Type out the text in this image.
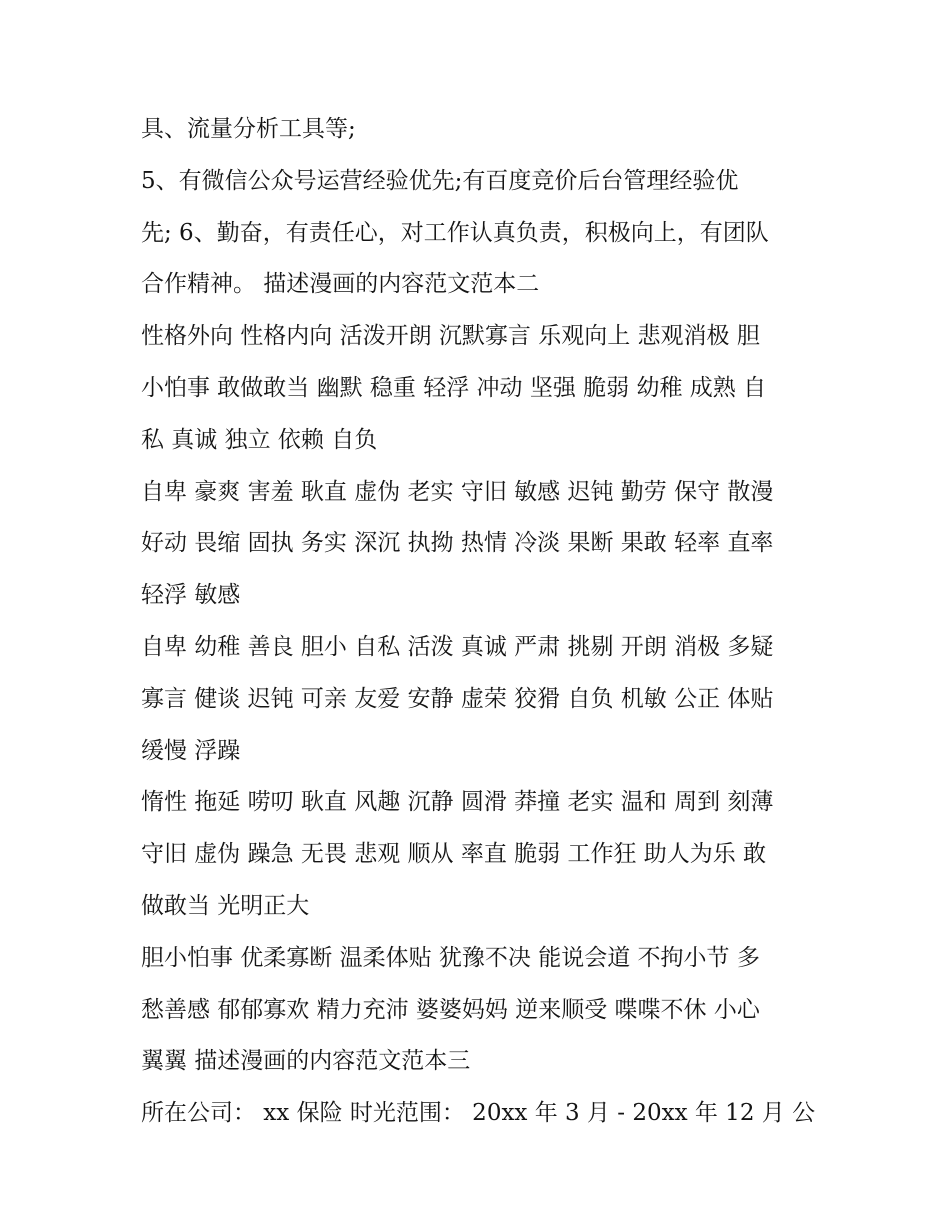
具、流量分析工具等;
5、有微信公众号运营经验优先;有百度竞价后台管理经验优
先; 6、勤奋，有责任心，对工作认真负责，积极向上，有团队
合作精神。 描述漫画的内容范文范本二
性格外向 性格内向 活泼开朗 沉默寡言 乐观向上 悲观消极 胆
小怕事 敢做敢当 幽默 稳重 轻浮 冲动 坚强 脆弱 幼稚 成熟 自
私 真诚 独立 依赖 自负
自卑 豪爽 害羞 耿直 虚伪 老实 守旧 敏感 迟钝 勤劳 保守 散漫
好动 畏缩 固执 务实 深沉 执拗 热情 冷淡 果断 果敢 轻率 直率
轻浮 敏感
自卑 幼稚 善良 胆小 自私 活泼 真诚 严肃 挑剔 开朗 消极 多疑
寡言 健谈 迟钝 可亲 友爱 安静 虚荣 狡猾 自负 机敏 公正 体贴
缓慢 浮躁
惰性 拖延 唠叨 耿直 风趣 沉静 圆滑 莽撞 老实 温和 周到 刻薄
守旧 虚伪 躁急 无畏 悲观 顺从 率直 脆弱 工作狂 助人为乐 敢
做敢当 光明正大
胆小怕事 优柔寡断 温柔体贴 犹豫不决 能说会道 不拘小节 多
愁善感 郁郁寡欢 精力充沛 婆婆妈妈 逆来顺受 喋喋不休 小心
翼翼 描述漫画的内容范文范本三
所在公司： xx 保险 时光范围： 20xx 年 3 月 - 20xx 年 12 月 公
